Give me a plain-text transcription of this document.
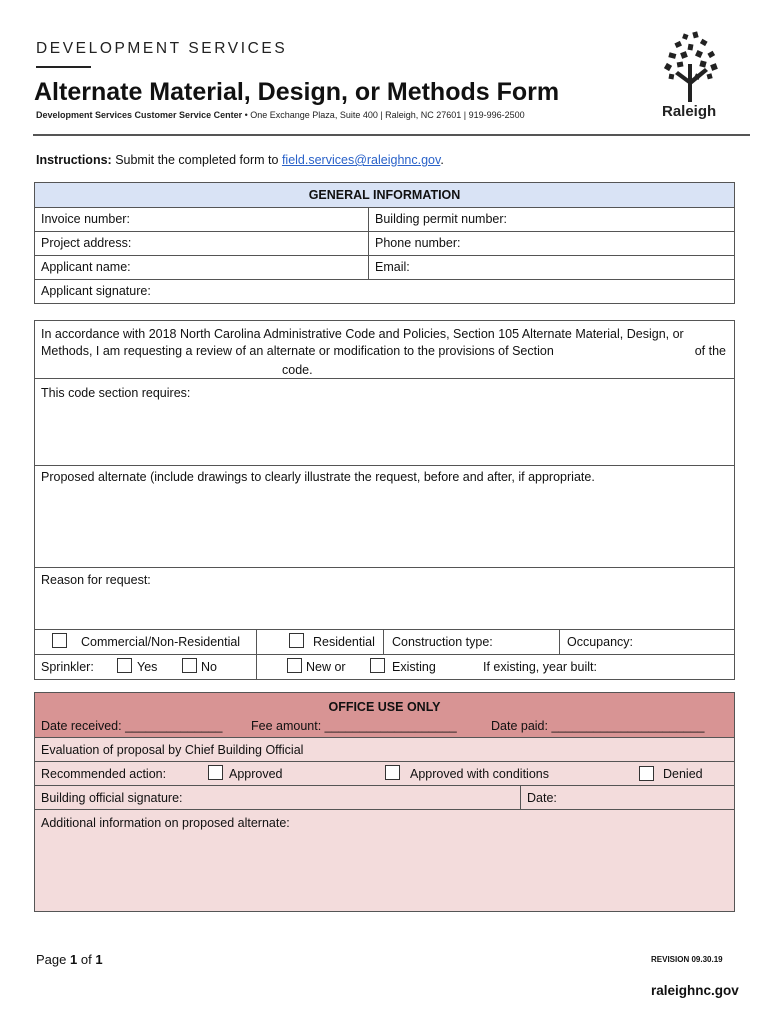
DEVELOPMENT SERVICES
Alternate Material, Design, or Methods Form
Development Services Customer Service Center • One Exchange Plaza, Suite 400 | Raleigh, NC 27601 | 919-996-2500	Raleigh
Instructions: Submit the completed form to field.services@raleighnc.gov.
GENERAL INFORMATION
Invoice number:	Building permit number:
Project address:	Phone number:
Applicant name:	Email:
Applicant signature:
In accordance with 2018 North Carolina Administrative Code and Policies, Section 105 Alternate Material, Design, or
Methods, I am requesting a review of an alternate or modification to the provisions of Section	of the
code.
This code section requires:
Proposed alternate (include drawings to clearly illustrate the request, before and after, if appropriate.
Reason for request:
Commercial/Non-Residential	Residential Construction type:	Occupancy:
Sprinkler:	Yes	No	New or	Existing	If existing, year built:
OFFICE USE ONLY
Date received: ______________ Fee amount: ___________________	Date paid: ______________________
Evaluation of proposal by Chief Building Official
Recommended action:	Approved	Approved with conditions	Denied
Building official signature:	Date:
Additional information on proposed alternate:
Page 1 of 1	REVISION 09.30.19
raleighnc.gov
